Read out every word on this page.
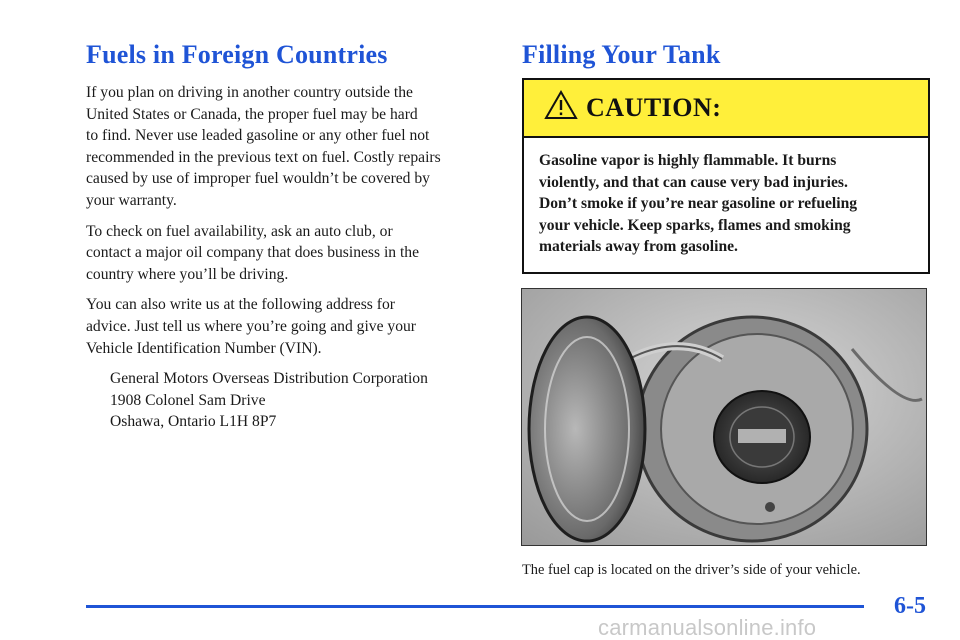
Fuels in Foreign Countries

If you plan on driving in another country outside the
United States or Canada, the proper fuel may be hard
to find. Never use leaded gasoline or any other fuel not
recommended in the previous text on fuel. Costly repairs
caused by use of improper fuel wouldn’t be covered by
your warranty.

To check on fuel availability, ask an auto club, or
contact a major oil company that does business in the
country where you’ll be driving.

You can also write us at the following address for
advice. Just tell us where you’re going and give your
Vehicle Identification Number (VIN).

General Motors Overseas Distribution Corporation
1908 Colonel Sam Drive
Oshawa, Ontario L1H 8P7
Filling Your Tank
CAUTION:
Gasoline vapor is highly flammable. It burns
violently, and that can cause very bad injuries.
Don’t smoke if you’re near gasoline or refueling
your vehicle. Keep sparks, flames and smoking
materials away from gasoline.
The fuel cap is located on the driver’s side of your vehicle.
6-5
carmanualsonline.info
